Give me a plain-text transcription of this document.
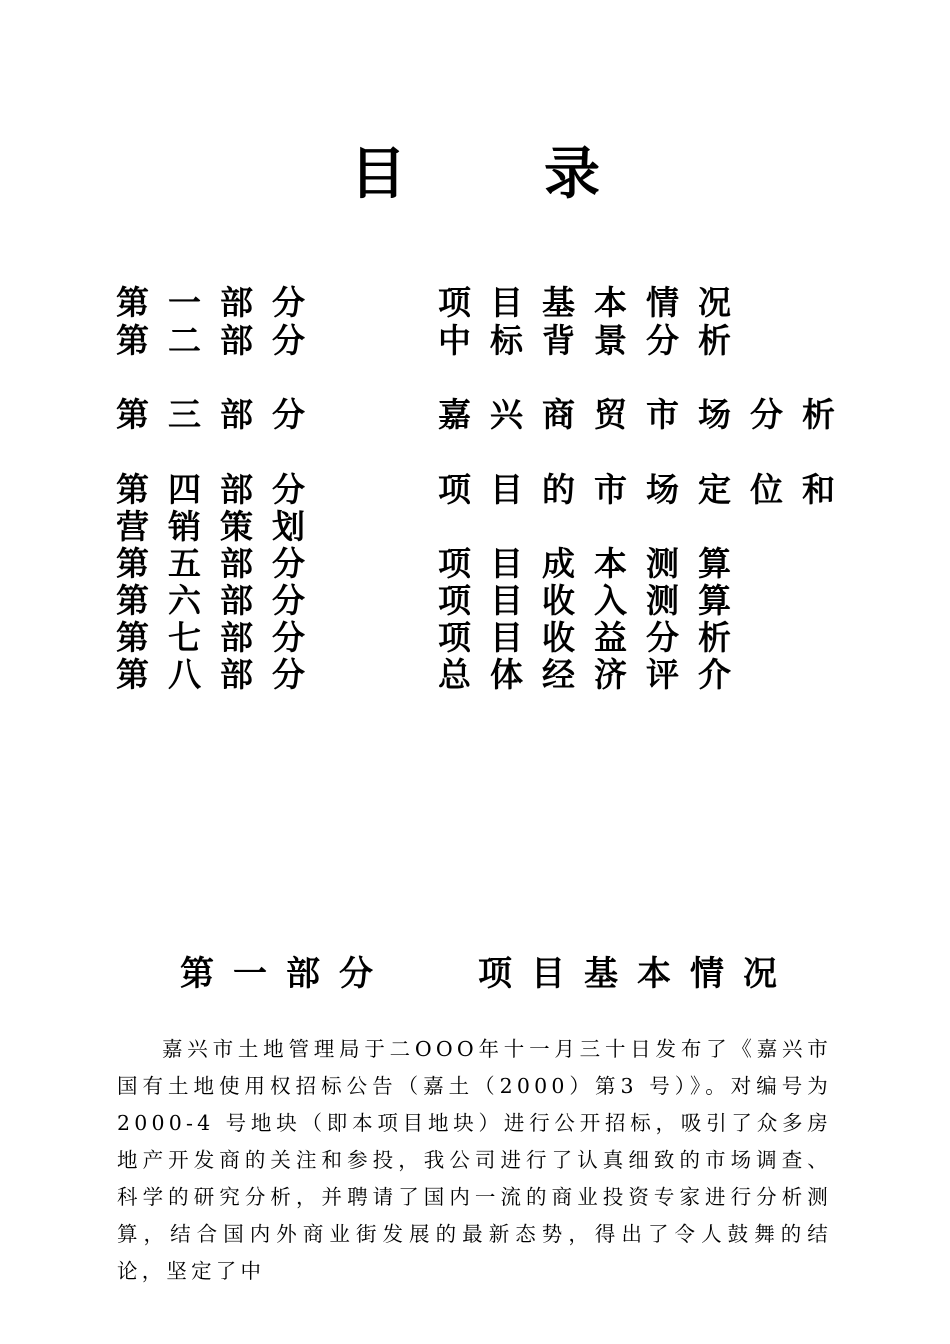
目 录
第一部分	项目基本情况
第二部分	中标背景分析
第三部分	嘉兴商贸市场分析
第四部分	项目的市场定位和
营销策划
第五部分	项目成本测算
第六部分	项目收入测算
第七部分	项目收益分析
第八部分	总体经济评介
第一部分	项目基本情况

嘉兴市土地管理局于二OOO年十一月三十日发布了《嘉兴市国有土地使用权招标公告（嘉土（2000）第3 号）》。对编号为2000-4 号地块（即本项目地块）进行公开招标，吸引了众多房地产开发商的关注和参投，我公司进行了认真细致的市场调查、科学的研究分析，并聘请了国内一流的商业投资专家进行分析测算，结合国内外商业街发展的最新态势，得出了令人鼓舞的结论，坚定了中
